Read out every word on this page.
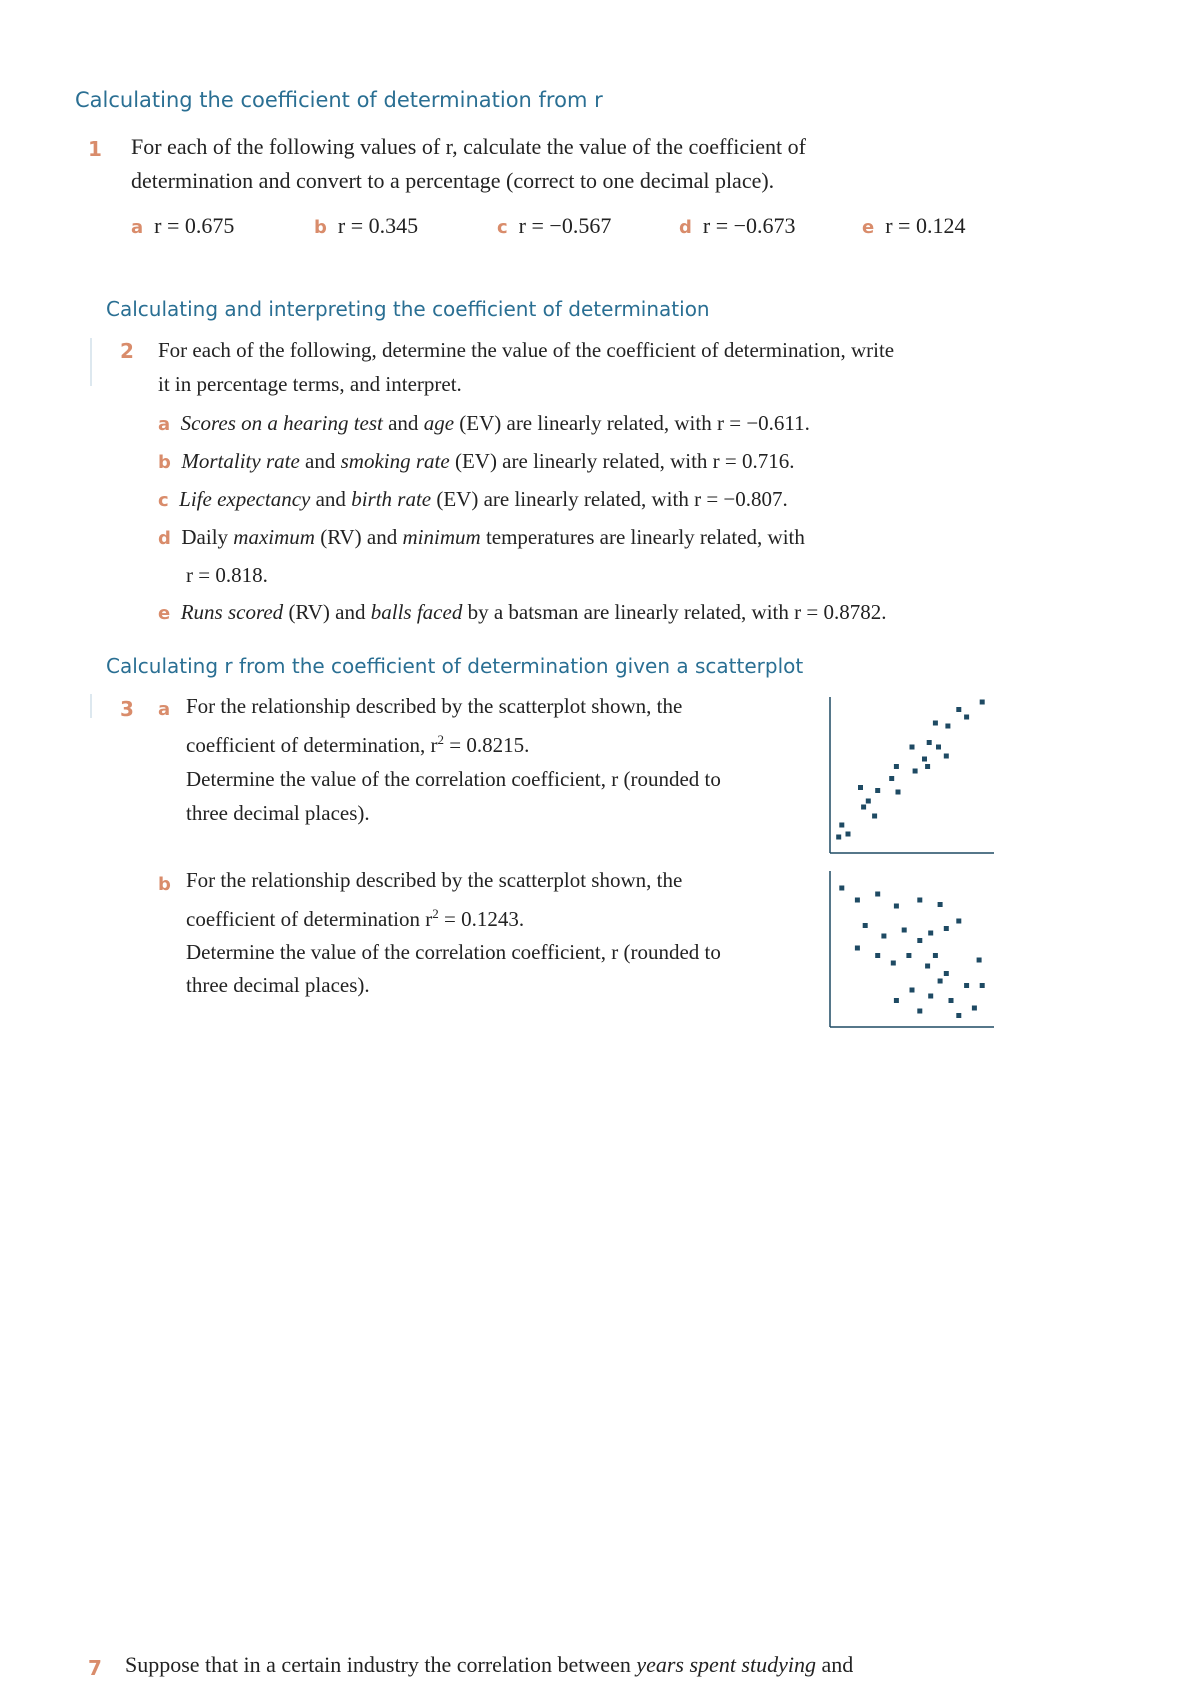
Calculating the coefficient of determination from r
1 For each of the following values of r, calculate the value of the coefficient of
determination and convert to a percentage (correct to one decimal place).
a r = 0.675	b r = 0.345	c r = −0.567	d r = −0.673	e r = 0.124
Calculating and interpreting the coefficient of determination
2 For each of the following, determine the value of the coefficient of determination, write
it in percentage terms, and interpret.
a Scores on a hearing test and age (EV) are linearly related, with r = −0.611.
b Mortality rate and smoking rate (EV) are linearly related, with r = 0.716.
c Life expectancy and birth rate (EV) are linearly related, with r = −0.807.
d Daily maximum (RV) and minimum temperatures are linearly related, with
r = 0.818.
e Runs scored (RV) and balls faced by a batsman are linearly related, with r = 0.8782.
Calculating r from the coefficient of determination given a scatterplot
3 a For the relationship described by the scatterplot shown, the
coefficient of determination, $r^2 = 0.8215$.
Determine the value of the correlation coefficient, r (rounded to
three decimal places).
b For the relationship described by the scatterplot shown, the
coefficient of determination $r^2 = 0.1243$.
Determine the value of the correlation coefficient, r (rounded to
three decimal places).
7 Suppose that in a certain industry the correlation between years spent studying and
